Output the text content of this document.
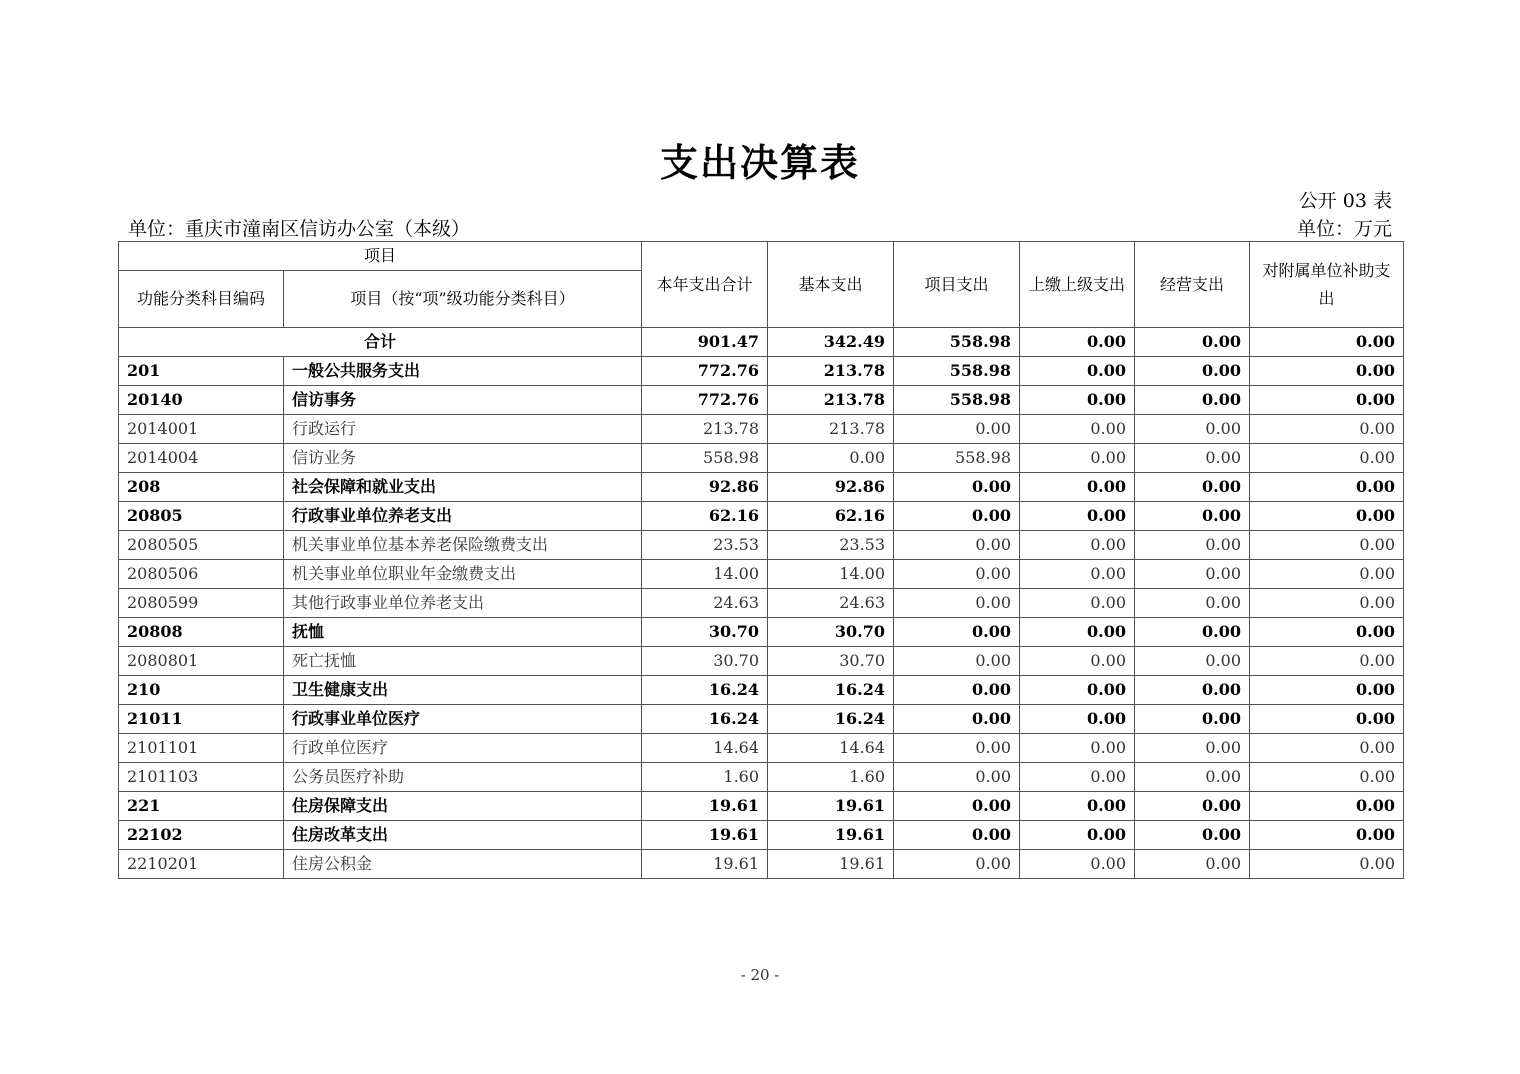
支出决算表
公开 03 表
单位：重庆市潼南区信访办公室（本级）	单位：万元
项目		本年支出合计	基本支出	项目支出	上缴上级支出	经营支出	对附属单位补助支出
功能分类科目编码	项目（按“项”级功能分类科目）						
合计		901.47	342.49	558.98	0.00	0.00	0.00
201	一般公共服务支出	772.76	213.78	558.98	0.00	0.00	0.00
20140	信访事务	772.76	213.78	558.98	0.00	0.00	0.00
2014001	行政运行	213.78	213.78	0.00	0.00	0.00	0.00
2014004	信访业务	558.98	0.00	558.98	0.00	0.00	0.00
208	社会保障和就业支出	92.86	92.86	0.00	0.00	0.00	0.00
20805	行政事业单位养老支出	62.16	62.16	0.00	0.00	0.00	0.00
2080505	机关事业单位基本养老保险缴费支出	23.53	23.53	0.00	0.00	0.00	0.00
2080506	机关事业单位职业年金缴费支出	14.00	14.00	0.00	0.00	0.00	0.00
2080599	其他行政事业单位养老支出	24.63	24.63	0.00	0.00	0.00	0.00
20808	抚恤	30.70	30.70	0.00	0.00	0.00	0.00
2080801	死亡抚恤	30.70	30.70	0.00	0.00	0.00	0.00
210	卫生健康支出	16.24	16.24	0.00	0.00	0.00	0.00
21011	行政事业单位医疗	16.24	16.24	0.00	0.00	0.00	0.00
2101101	行政单位医疗	14.64	14.64	0.00	0.00	0.00	0.00
2101103	公务员医疗补助	1.60	1.60	0.00	0.00	0.00	0.00
221	住房保障支出	19.61	19.61	0.00	0.00	0.00	0.00
22102	住房改革支出	19.61	19.61	0.00	0.00	0.00	0.00
2210201	住房公积金	19.61	19.61	0.00	0.00	0.00	0.00
- 20 -
